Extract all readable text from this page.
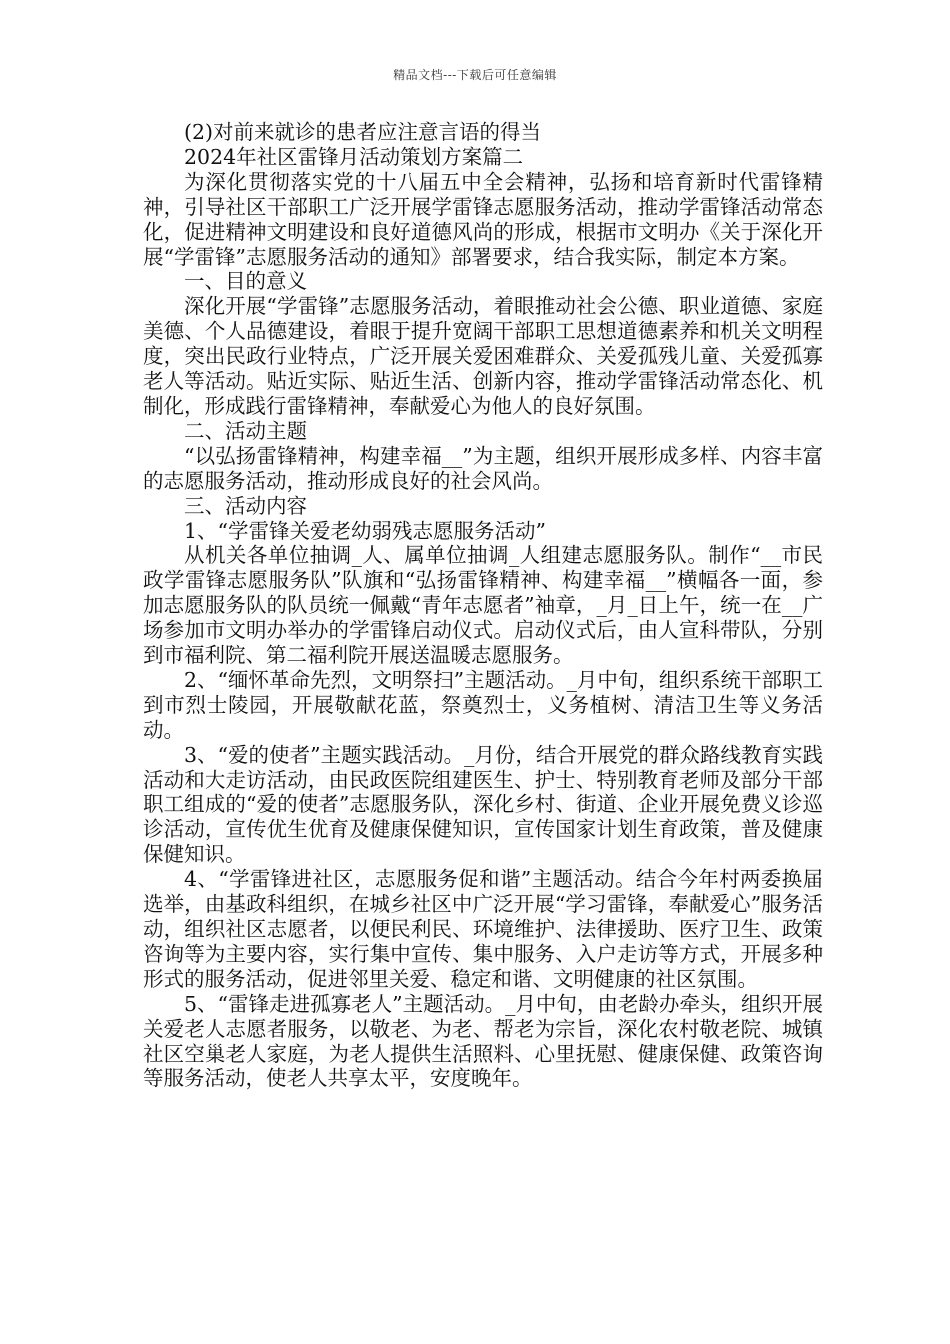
精品文档---下载后可任意编辑

(2)对前来就诊的患者应注意言语的得当

2024年社区雷锋月活动策划方案篇二

为深化贯彻落实党的十八届五中全会精神，弘扬和培育新时代雷锋精神，引导社区干部职工广泛开展学雷锋志愿服务活动，推动学雷锋活动常态化，促进精神文明建设和良好道德风尚的形成，根据市文明办《关于深化开展“学雷锋”志愿服务活动的通知》部署要求，结合我实际，制定本方案。

一、目的意义

深化开展“学雷锋”志愿服务活动，着眼推动社会公德、职业道德、家庭美德、个人品德建设，着眼于提升宽阔干部职工思想道德素养和机关文明程度，突出民政行业特点，广泛开展关爱困难群众、关爱孤残儿童、关爱孤寡老人等活动。贴近实际、贴近生活、创新内容，推动学雷锋活动常态化、机制化，形成践行雷锋精神，奉献爱心为他人的良好氛围。

二、活动主题

“以弘扬雷锋精神，构建幸福__”为主题，组织开展形成多样、内容丰富的志愿服务活动，推动形成良好的社会风尚。

三、活动内容

1、“学雷锋关爱老幼弱残志愿服务活动”

从机关各单位抽调_人、属单位抽调_人组建志愿服务队。制作“__市民政学雷锋志愿服务队”队旗和“弘扬雷锋精神、构建幸福__”横幅各一面，参加志愿服务队的队员统一佩戴“青年志愿者”袖章，_月_日上午，统一在__广场参加市文明办举办的学雷锋启动仪式。启动仪式后，由人宣科带队，分别到市福利院、第二福利院开展送温暖志愿服务。

2、“缅怀革命先烈，文明祭扫”主题活动。_月中旬，组织系统干部职工到市烈士陵园，开展敬献花蓝，祭奠烈士，义务植树、清洁卫生等义务活动。

3、“爱的使者”主题实践活动。_月份，结合开展党的群众路线教育实践活动和大走访活动，由民政医院组建医生、护士、特别教育老师及部分干部职工组成的“爱的使者”志愿服务队，深化乡村、街道、企业开展免费义诊巡诊活动，宣传优生优育及健康保健知识，宣传国家计划生育政策，普及健康保健知识。

4、“学雷锋进社区，志愿服务促和谐”主题活动。结合今年村两委换届选举，由基政科组织，在城乡社区中广泛开展“学习雷锋，奉献爱心”服务活动，组织社区志愿者，以便民利民、环境维护、法律援助、医疗卫生、政策咨询等为主要内容，实行集中宣传、集中服务、入户走访等方式，开展多种形式的服务活动，促进邻里关爱、稳定和谐、文明健康的社区氛围。

5、“雷锋走进孤寡老人”主题活动。_月中旬，由老龄办牵头，组织开展关爱老人志愿者服务，以敬老、为老、帮老为宗旨，深化农村敬老院、城镇社区空巢老人家庭，为老人提供生活照料、心里抚慰、健康保健、政策咨询等服务活动，使老人共享太平，安度晚年。
